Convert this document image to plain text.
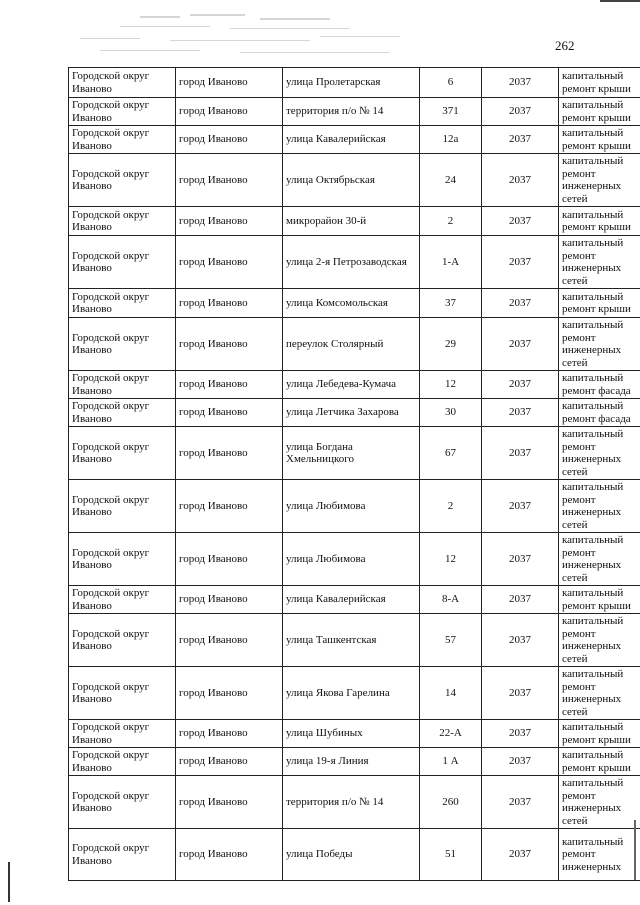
262
Городской округ Иваново	город Иваново	улица Пролетарская	6	2037	капитальный ремонт крыши
Городской округ Иваново	город Иваново	территория п/о № 14	371	2037	капитальный ремонт крыши
Городской округ Иваново	город Иваново	улица Кавалерийская	12а	2037	капитальный ремонт крыши
Городской округ Иваново	город Иваново	улица Октябрьская	24	2037	капитальный ремонт инженерных сетей
Городской округ Иваново	город Иваново	микрорайон 30-й	2	2037	капитальный ремонт крыши
Городской округ Иваново	город Иваново	улица 2-я Петрозаводская	1-А	2037	капитальный ремонт инженерных сетей
Городской округ Иваново	город Иваново	улица Комсомольская	37	2037	капитальный ремонт крыши
Городской округ Иваново	город Иваново	переулок Столярный	29	2037	капитальный ремонт инженерных сетей
Городской округ Иваново	город Иваново	улица Лебедева-Кумача	12	2037	капитальный ремонт фасада
Городской округ Иваново	город Иваново	улица Летчика Захарова	30	2037	капитальный ремонт фасада
Городской округ Иваново	город Иваново	улица Богдана Хмельницкого	67	2037	капитальный ремонт инженерных сетей
Городской округ Иваново	город Иваново	улица Любимова	2	2037	капитальный ремонт инженерных сетей
Городской округ Иваново	город Иваново	улица Любимова	12	2037	капитальный ремонт инженерных сетей
Городской округ Иваново	город Иваново	улица Кавалерийская	8-А	2037	капитальный ремонт крыши
Городской округ Иваново	город Иваново	улица Ташкентская	57	2037	капитальный ремонт инженерных сетей
Городской округ Иваново	город Иваново	улица Якова Гарелина	14	2037	капитальный ремонт инженерных сетей
Городской округ Иваново	город Иваново	улица Шубиных	22-А	2037	капитальный ремонт крыши
Городской округ Иваново	город Иваново	улица 19-я Линия	1 А	2037	капитальный ремонт крыши
Городской округ Иваново	город Иваново	территория п/о № 14	260	2037	капитальный ремонт инженерных сетей
Городской округ Иваново	город Иваново	улица Победы	51	2037	капитальный ремонт инженерных
